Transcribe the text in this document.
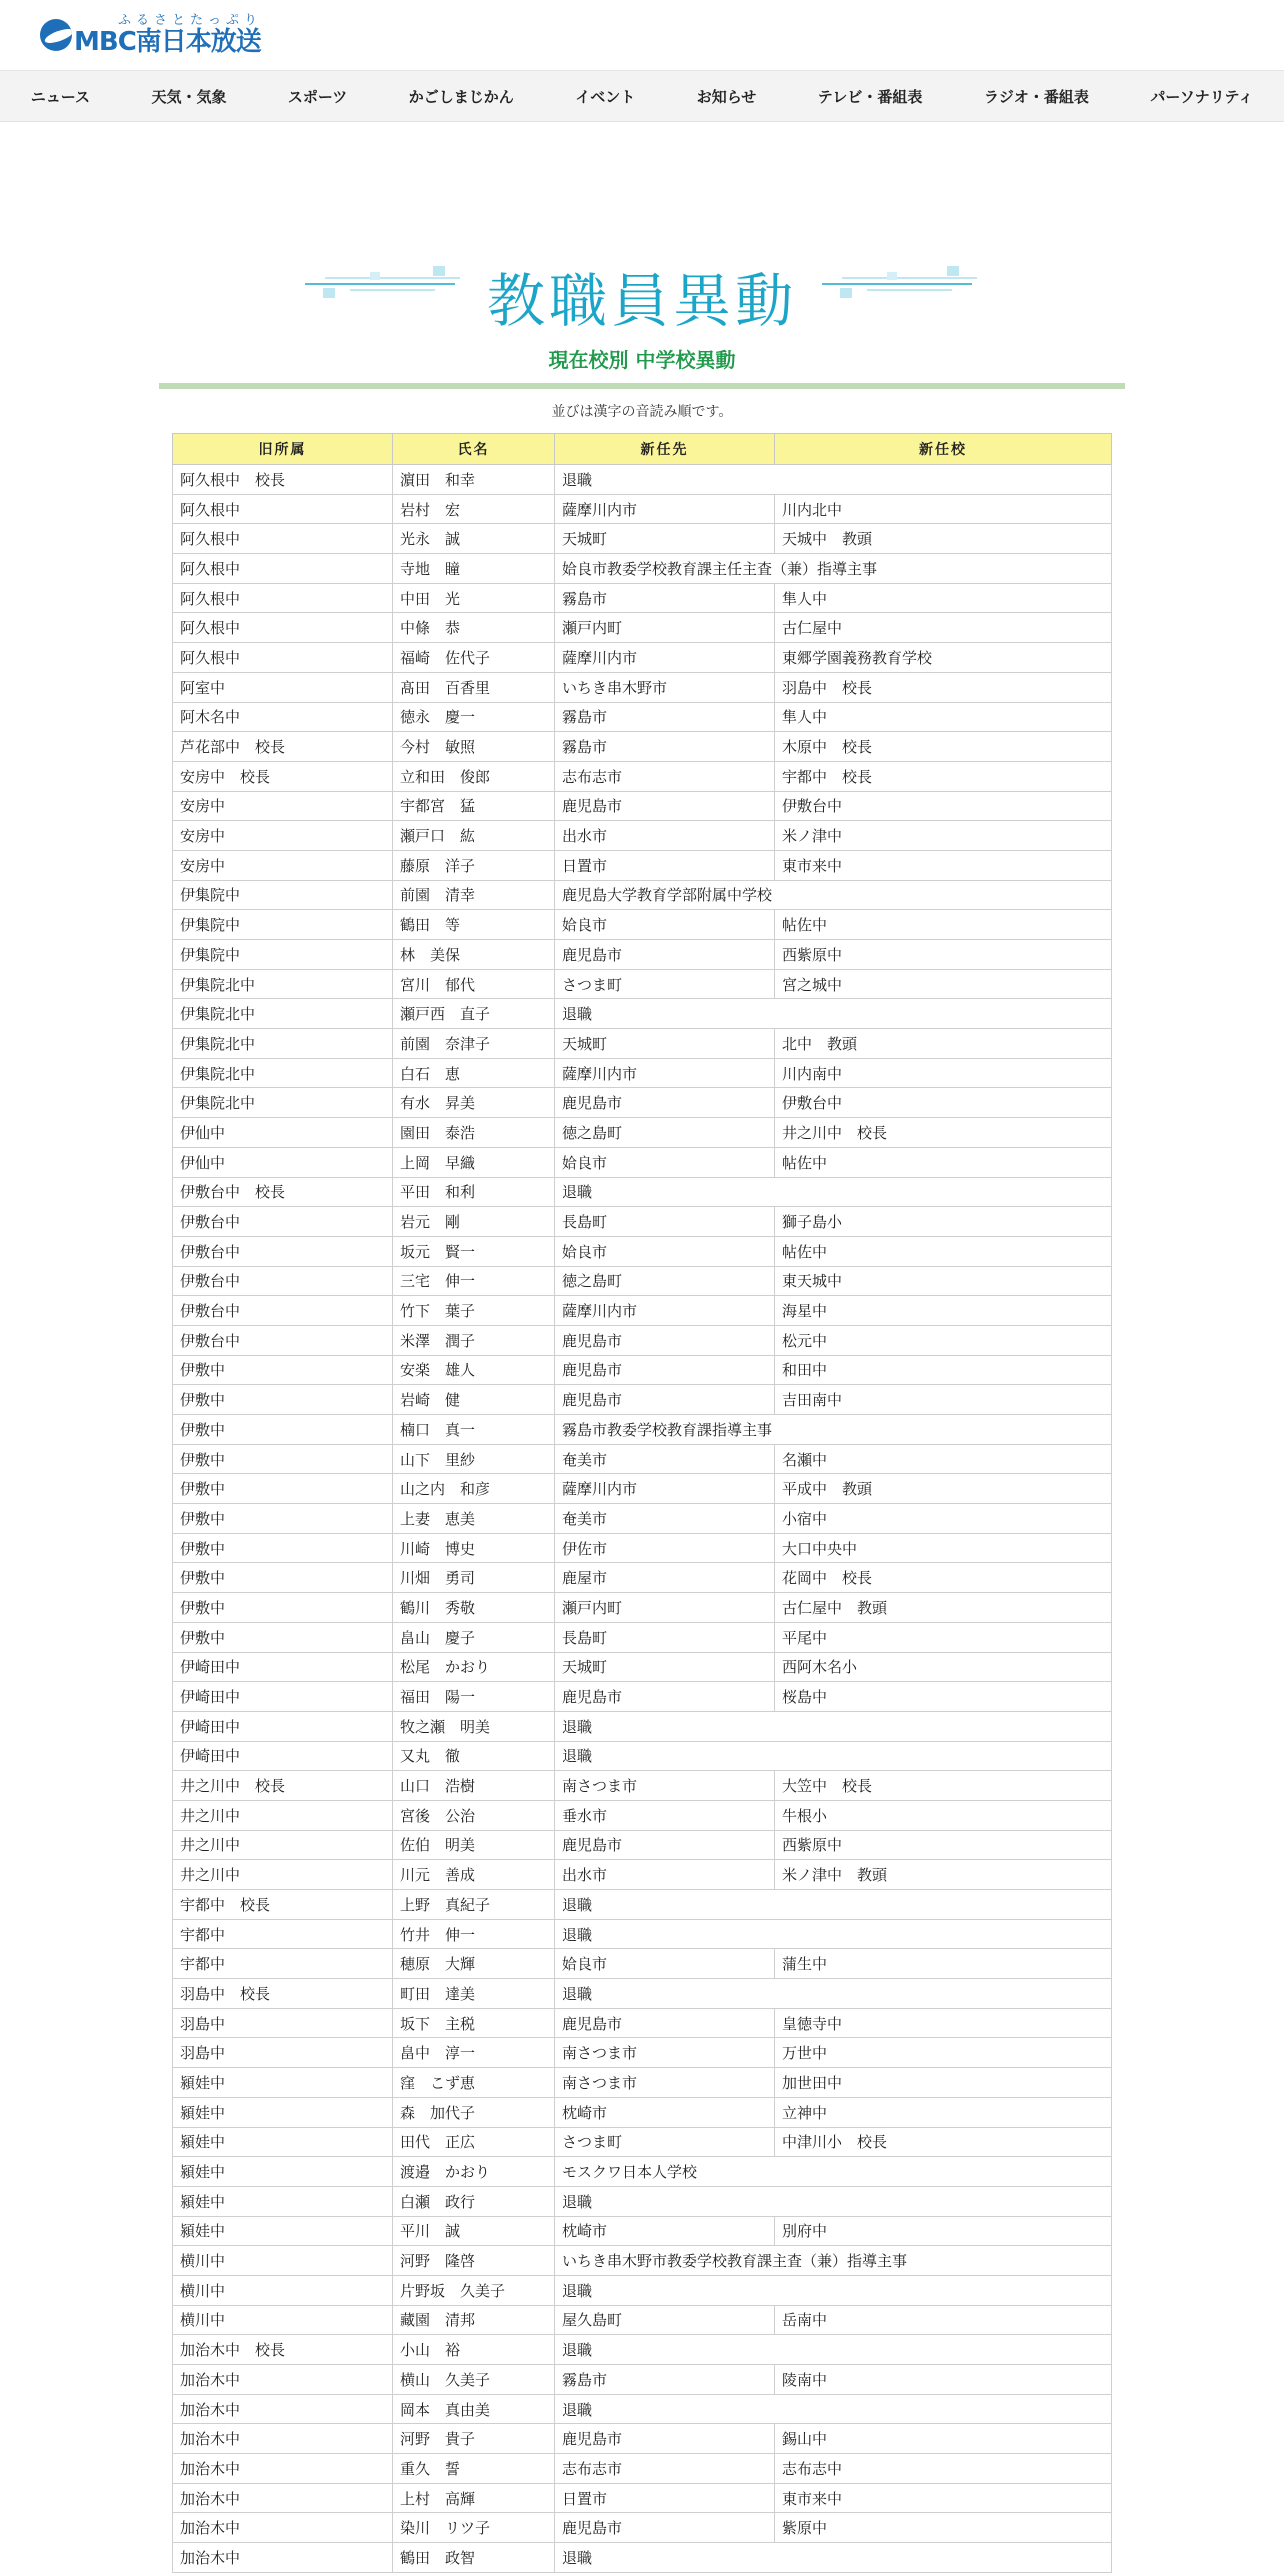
ふるさとたっぷり
MBC南日本放送
ニュース	天気・気象	スポーツ	かごしまじかん	イベント	お知らせ	テレビ・番組表	ラジオ・番組表	パーソナリティ
教職員異動
現在校別 中学校異動
並びは漢字の音読み順です。
旧所属	氏名	新任先	新任校
阿久根中　校長	濵田　和幸	退職	
阿久根中	岩村　宏	薩摩川内市	川内北中
阿久根中	光永　誠	天城町	天城中　教頭
阿久根中	寺地　瞳	姶良市教委学校教育課主任主査（兼）指導主事	
阿久根中	中田　光	霧島市	隼人中
阿久根中	中條　恭	瀬戸内町	古仁屋中
阿久根中	福崎　佐代子	薩摩川内市	東郷学園義務教育学校
阿室中	髙田　百香里	いちき串木野市	羽島中　校長
阿木名中	徳永　慶一	霧島市	隼人中
芦花部中　校長	今村　敏照	霧島市	木原中　校長
安房中　校長	立和田　俊郎	志布志市	宇都中　校長
安房中	宇都宮　猛	鹿児島市	伊敷台中
安房中	瀬戸口　紘	出水市	米ノ津中
安房中	藤原　洋子	日置市	東市来中
伊集院中	前園　清幸	鹿児島大学教育学部附属中学校	
伊集院中	鶴田　等	姶良市	帖佐中
伊集院中	林　美保	鹿児島市	西紫原中
伊集院北中	宮川　郁代	さつま町	宮之城中
伊集院北中	瀬戸西　直子	退職	
伊集院北中	前園　奈津子	天城町	北中　教頭
伊集院北中	白石　恵	薩摩川内市	川内南中
伊集院北中	有水　昇美	鹿児島市	伊敷台中
伊仙中	園田　泰浩	徳之島町	井之川中　校長
伊仙中	上岡　早織	姶良市	帖佐中
伊敷台中　校長	平田　和利	退職	
伊敷台中	岩元　剛	長島町	獅子島小
伊敷台中	坂元　賢一	姶良市	帖佐中
伊敷台中	三宅　伸一	徳之島町	東天城中
伊敷台中	竹下　葉子	薩摩川内市	海星中
伊敷台中	米澤　潤子	鹿児島市	松元中
伊敷中	安楽　雄人	鹿児島市	和田中
伊敷中	岩崎　健	鹿児島市	吉田南中
伊敷中	楠口　真一	霧島市教委学校教育課指導主事	
伊敷中	山下　里紗	奄美市	名瀬中
伊敷中	山之内　和彦	薩摩川内市	平成中　教頭
伊敷中	上妻　恵美	奄美市	小宿中
伊敷中	川崎　博史	伊佐市	大口中央中
伊敷中	川畑　勇司	鹿屋市	花岡中　校長
伊敷中	鶴川　秀敬	瀬戸内町	古仁屋中　教頭
伊敷中	畠山　慶子	長島町	平尾中
伊崎田中	松尾　かおり	天城町	西阿木名小
伊崎田中	福田　陽一	鹿児島市	桜島中
伊崎田中	牧之瀬　明美	退職	
伊崎田中	又丸　徹	退職	
井之川中　校長	山口　浩樹	南さつま市	大笠中　校長
井之川中	宮後　公治	垂水市	牛根小
井之川中	佐伯　明美	鹿児島市	西紫原中
井之川中	川元　善成	出水市	米ノ津中　教頭
宇都中　校長	上野　真紀子	退職	
宇都中	竹井　伸一	退職	
宇都中	穂原　大輝	姶良市	蒲生中
羽島中　校長	町田　達美	退職	
羽島中	坂下　主税	鹿児島市	皇徳寺中
羽島中	畠中　淳一	南さつま市	万世中
潁娃中	窪　こず恵	南さつま市	加世田中
潁娃中	森　加代子	枕崎市	立神中
潁娃中	田代　正広	さつま町	中津川小　校長
潁娃中	渡邉　かおり	モスクワ日本人学校	
潁娃中	白瀬　政行	退職	
潁娃中	平川　誠	枕崎市	別府中
横川中	河野　隆啓	いちき串木野市教委学校教育課主査（兼）指導主事	
横川中	片野坂　久美子	退職	
横川中	藏園　清邦	屋久島町	岳南中
加治木中　校長	小山　裕	退職	
加治木中	横山　久美子	霧島市	陵南中
加治木中	岡本　真由美	退職	
加治木中	河野　貴子	鹿児島市	錫山中
加治木中	重久　誓	志布志市	志布志中
加治木中	上村　高輝	日置市	東市来中
加治木中	染川　リツ子	鹿児島市	紫原中
加治木中	鶴田　政智	退職	
